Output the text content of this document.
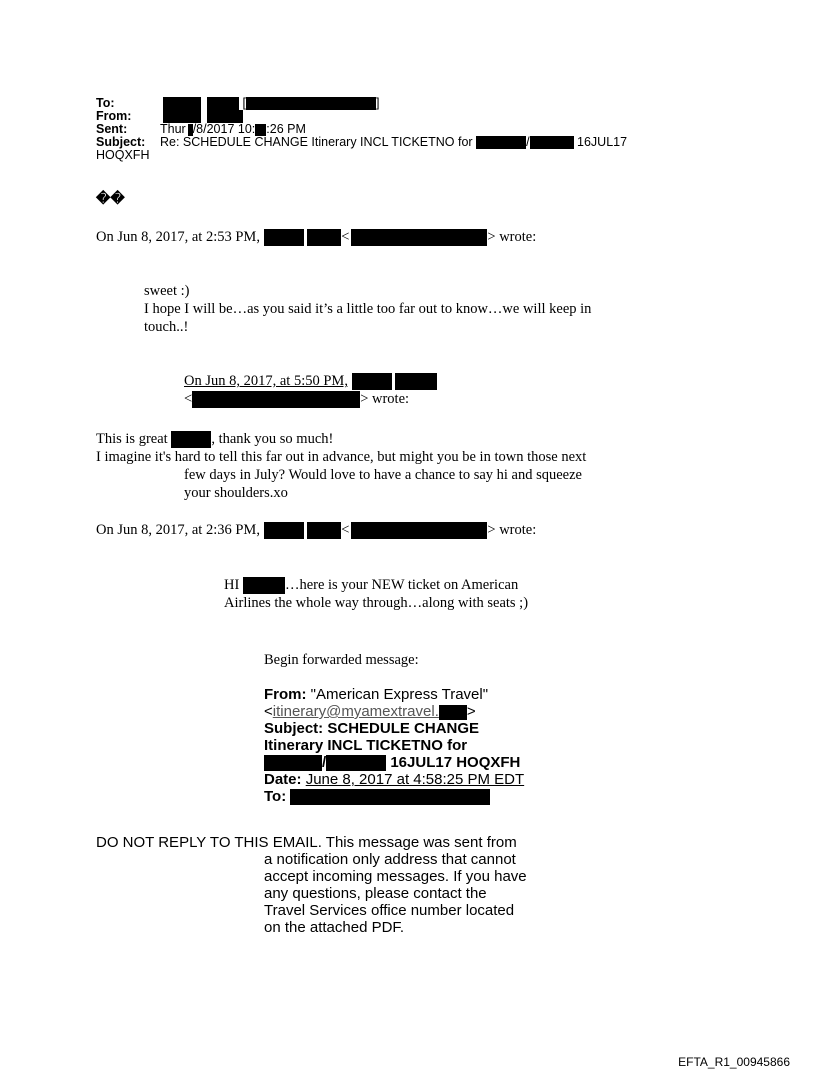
To:	[	]
From:
Sent:	Thur /8/2017 10: :26 PM
Subject: Re: SCHEDULE CHANGE Itinerary INCL TICKETNO for	/	16JUL17
HOQXFH
��
On Jun 8, 2017, at 2:53 PM,	<	> wrote:
sweet :)
I hope I will be…as you said it’s a little too far out to know…we will keep in
touch..!
On Jun 8, 2017, at 5:50 PM,
<	> wrote:
This is great	, thank you so much!
I imagine it's hard to tell this far out in advance, but might you be in town those next
few days in July? Would love to have a chance to say hi and squeeze
your shoulders.xo
On Jun 8, 2017, at 2:36 PM,	<	> wrote:
HI	…here is your NEW ticket on American
Airlines the whole way through…along with seats ;)
Begin forwarded message:
From: "American Express Travel"
<itinerary@myamextravel. >
Subject: SCHEDULE CHANGE
Itinerary INCL TICKETNO for
/	16JUL17 HOQXFH
Date: June 8, 2017 at 4:58:25 PM EDT
To:
DO NOT REPLY TO THIS EMAIL. This message was sent from
a notification only address that cannot
accept incoming messages. If you have
any questions, please contact the
Travel Services office number located
on the attached PDF.
EFTA_R1_00945866
